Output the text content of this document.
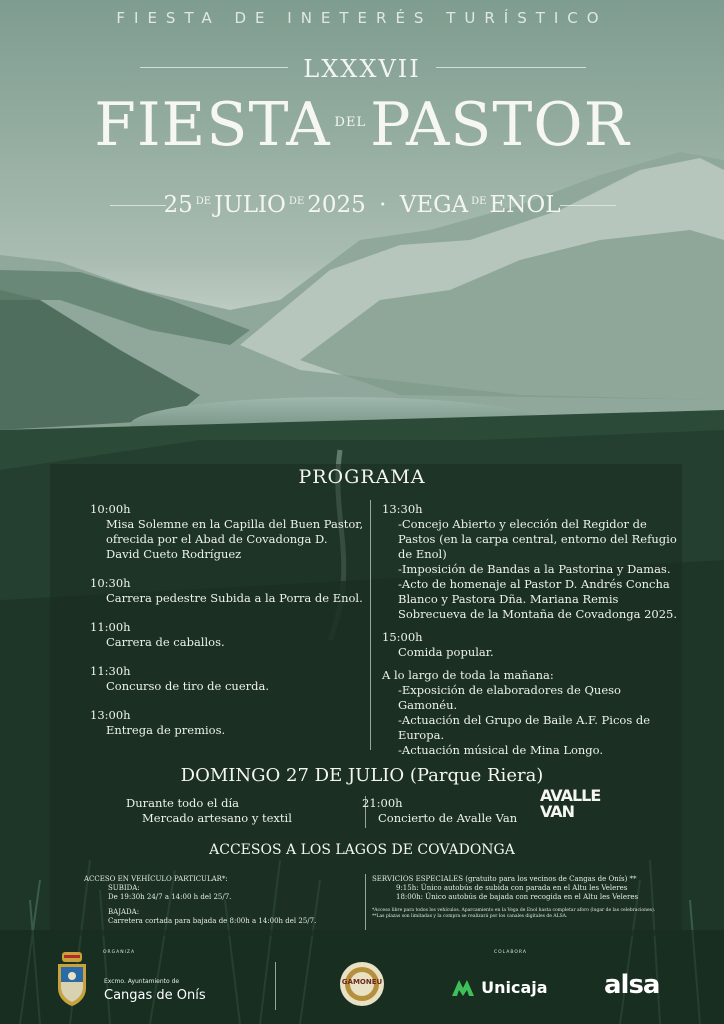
FIESTA DE INETERÉS TURÍSTICO
LXXXVII
FIESTA DELPASTOR
25 $^{DE}$ JULIO $^{DE}$ 2025 · VEGA $^{DE}$ ENOL
PROGRAMA
10:00h
Misa Solemne en la Capilla del Buen Pastor,
ofrecida por el Abad de Covadonga D.
David Cueto Rodríguez
10:30h
Carrera pedestre Subida a la Porra de Enol.
11:00h
Carrera de caballos.
11:30h
Concurso de tiro de cuerda.
13:00h
Entrega de premios.
13:30h
-Concejo Abierto y elección del Regidor de
Pastos (en la carpa central, entorno del Refugio
de Enol)
-Imposición de Bandas a la Pastorina y Damas.
-Acto de homenaje al Pastor D. Andrés Concha
Blanco y Pastora Dña. Mariana Remis
Sobrecueva de la Montaña de Covadonga 2025.
15:00h
Comida popular.
A lo largo de toda la mañana:
-Exposición de elaboradores de Queso
Gamonéu.
-Actuación del Grupo de Baile A.F. Picos de
Europa.
-Actuación músical de Mina Longo.
DOMINGO 27 DE JULIO (Parque Riera)
Durante todo el día
Mercado artesano y textil
21:00h
Concierto de Avalle Van
AVALLE
VAN
ACCESOS A LOS LAGOS DE COVADONGA
ACCESO EN VEHÍCULO PARTICULAR*:
SUBIDA:
De 19:30h 24/7 a 14:00 h del 25/7.
BAJADA:
Carretera cortada para bajada de 8:00h a 14:00h del 25/7.
SERVICIOS ESPECIALES (gratuito para los vecinos de Cangas de Onís) **
9:15h: Único autobús de subida con parada en el Altu les Veleres
18:00h: Único autobús de bajada con recogida en el Altu les Veleres
*Acceso libre para todos los vehículos. Aparcamiento en la Vega de Enol hasta completar aforo (lugar de las celebraciones).
**Las plazas son limitadas y la compra se realizará por los canales digitales de ALSA.
ORGANIZA	COLABORA
Excmo. Ayuntamiento de
Cangas de Onís
GAMONEU	Unicaja alsa
